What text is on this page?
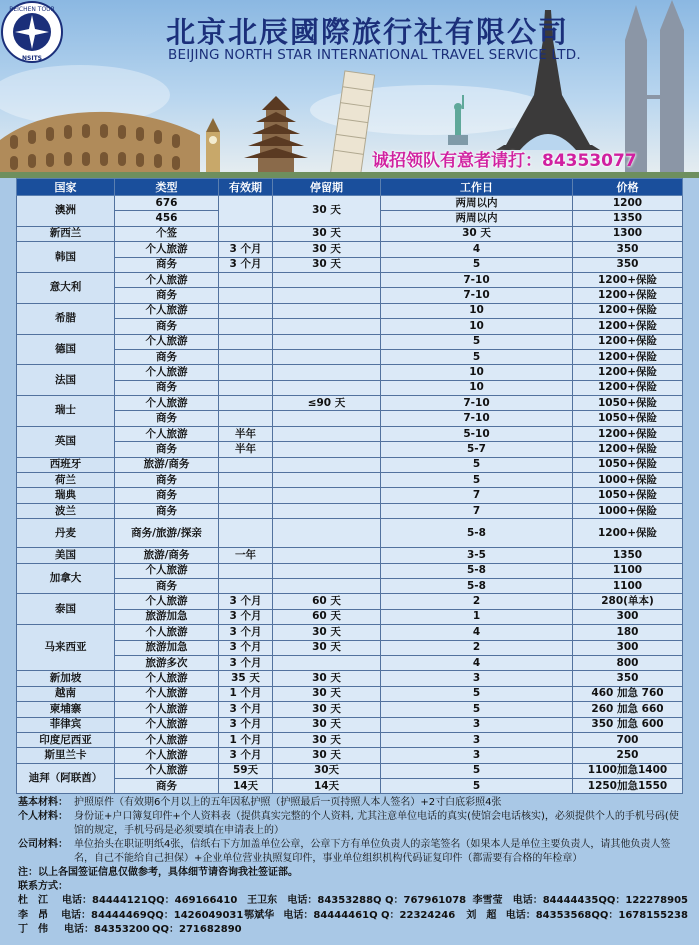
BEICHEN TOUR
NSITS
北京北辰國際旅行社有限公司
BEIJING NORTH STAR INTERNATIONAL TRAVEL SERVICE LTD.
诚招领队有意者请打：84353077
国家	类型	有效期	停留期	工作日	价格
澳洲	676		30 天	两周以内	1200
	456			两周以内	1350
新西兰	个签		30 天	30 天	1300
韩国	个人旅游	3 个月	30 天	4	350
	商务	3 个月	30 天	5	350
意大利	个人旅游			7-10	1200+保险
	商务			7-10	1200+保险
希腊	个人旅游			10	1200+保险
	商务			10	1200+保险
德国	个人旅游			5	1200+保险
	商务			5	1200+保险
法国	个人旅游			10	1200+保险
	商务			10	1200+保险
瑞士	个人旅游		≤90 天	7-10	1050+保险
	商务			7-10	1050+保险
英国	个人旅游	半年		5-10	1200+保险
	商务	半年		5-7	1200+保险
西班牙	旅游/商务			5	1050+保险
荷兰	商务			5	1000+保险
瑞典	商务			7	1050+保险
波兰	商务			7	1000+保险
丹麦	商务/旅游/探亲			5-8	1200+保险
美国	旅游/商务	一年		3-5	1350
加拿大	个人旅游			5-8	1100
	商务			5-8	1100
泰国	个人旅游	3 个月	60 天	2	280(单本)
	旅游加急	3 个月	60 天	1	300
马来西亚	个人旅游	3 个月	30 天	4	180
	旅游加急	3 个月	30 天	2	300
	旅游多次	3 个月		4	800
新加坡	个人旅游	35 天	30 天	3	350
越南	个人旅游	1 个月	30 天	5	460 加急 760
柬埔寨	个人旅游	3 个月	30 天	5	260 加急 660
菲律宾	个人旅游	3 个月	30 天	3	350 加急 600
印度尼西亚	个人旅游	1 个月	30 天	3	700
斯里兰卡	个人旅游	3 个月	30 天	3	250
迪拜（阿联酋）	个人旅游	59天	30天	5	1100加急1400
	商务	14天	14天	5	1250加急1550
基本材料： 护照原件（有效期6个月以上的五年因私护照（护照最后一页持照人本人签名）+2寸白底彩照4张
个人材料： 身份证+户口簿复印件+个人资料表（提供真实完整的个人资料, 尤其注意单位电话的真实(使馆会电话核实)，必须提供个人的手机号码(使馆的规定，手机号码是必须要填在申请表上的）
公司材料： 单位抬头在职证明纸4张，信纸右下方加盖单位公章，公章下方有单位负责人的亲笔签名（如果本人是单位主要负责人，请其他负责人签名，自己不能给自己担保）+企业单位营业执照复印件，事业单位组织机构代码证复印件（都需要有合格的年检章）
注：以上各国签证信息仅做参考，具体细节请咨询我社签证部。
联系方式：
杜　江	电话：84444121 QQ：469166410 王卫东	电话：84353288 Q Q：767961078 李雪莹	电话：84444435 QQ：122278905
李　昂	电话：84444469 QQ：1426049031 鄂斌华 电话：84444461 Q Q：22324246	刘　超 电话：84353568 QQ：1678155238
丁　伟	电话：84353200 QQ：271682890
